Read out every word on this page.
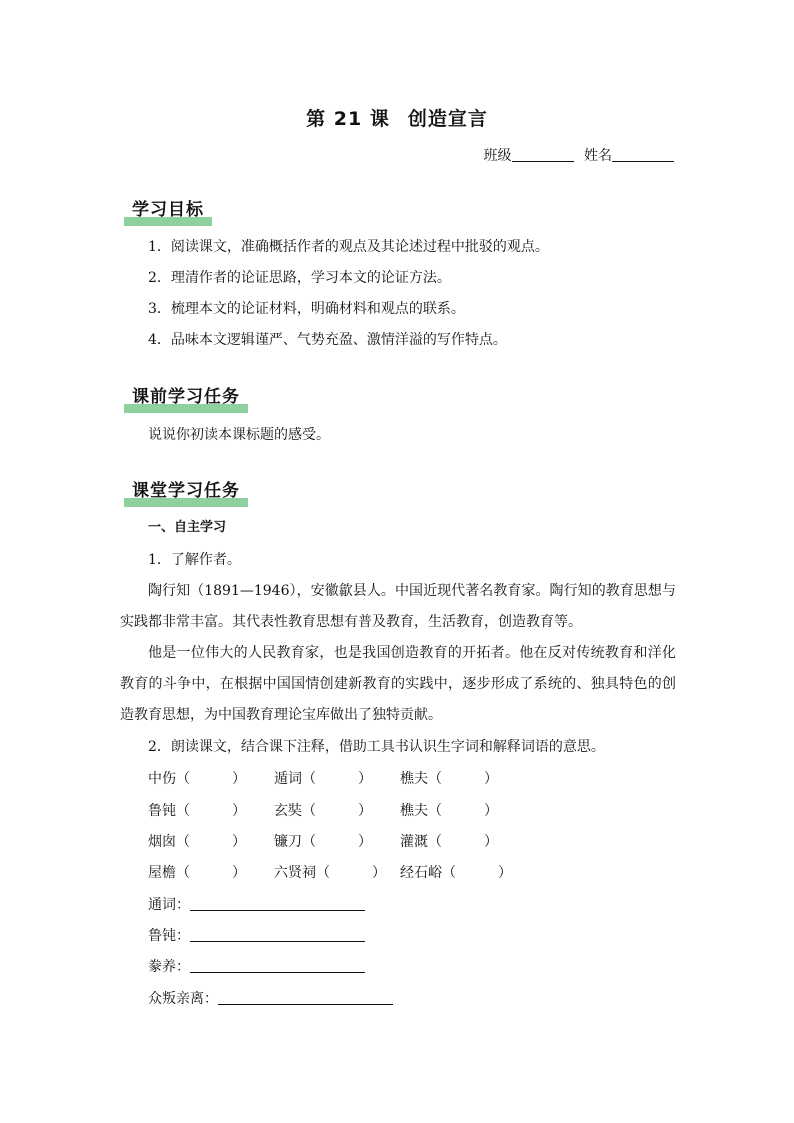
第 21 课 创造宣言
班级	姓名
学习目标
1．阅读课文，准确概括作者的观点及其论述过程中批驳的观点。
2．理清作者的论证思路，学习本文的论证方法。
3．梳理本文的论证材料，明确材料和观点的联系。
4．品味本文逻辑谨严、气势充盈、激情洋溢的写作特点。
课前学习任务
说说你初读本课标题的感受。
课堂学习任务
一、自主学习
1．了解作者。
陶行知（1891—1946），安徽歙县人。中国近现代著名教育家。陶行知的教育思想与实践都非常丰富。其代表性教育思想有普及教育，生活教育，创造教育等。
他是一位伟大的人民教育家，也是我国创造教育的开拓者。他在反对传统教育和洋化教育的斗争中，在根据中国国情创建新教育的实践中，逐步形成了系统的、独具特色的创造教育思想，为中国教育理论宝库做出了独特贡献。
2．朗读课文，结合课下注释，借助工具书认识生字词和解释词语的意思。
中伤（　　　） 遁词（　　　） 樵夫（　　　）
鲁钝（　　　） 玄奘（　　　） 樵夫（　　　）
烟囱（　　　） 镰刀（　　　） 灌溉（　　　）
屋檐（　　　） 六贤祠（　　　） 经石峪（　　　）
通词：
鲁钝：
豢养：
众叛亲离：
